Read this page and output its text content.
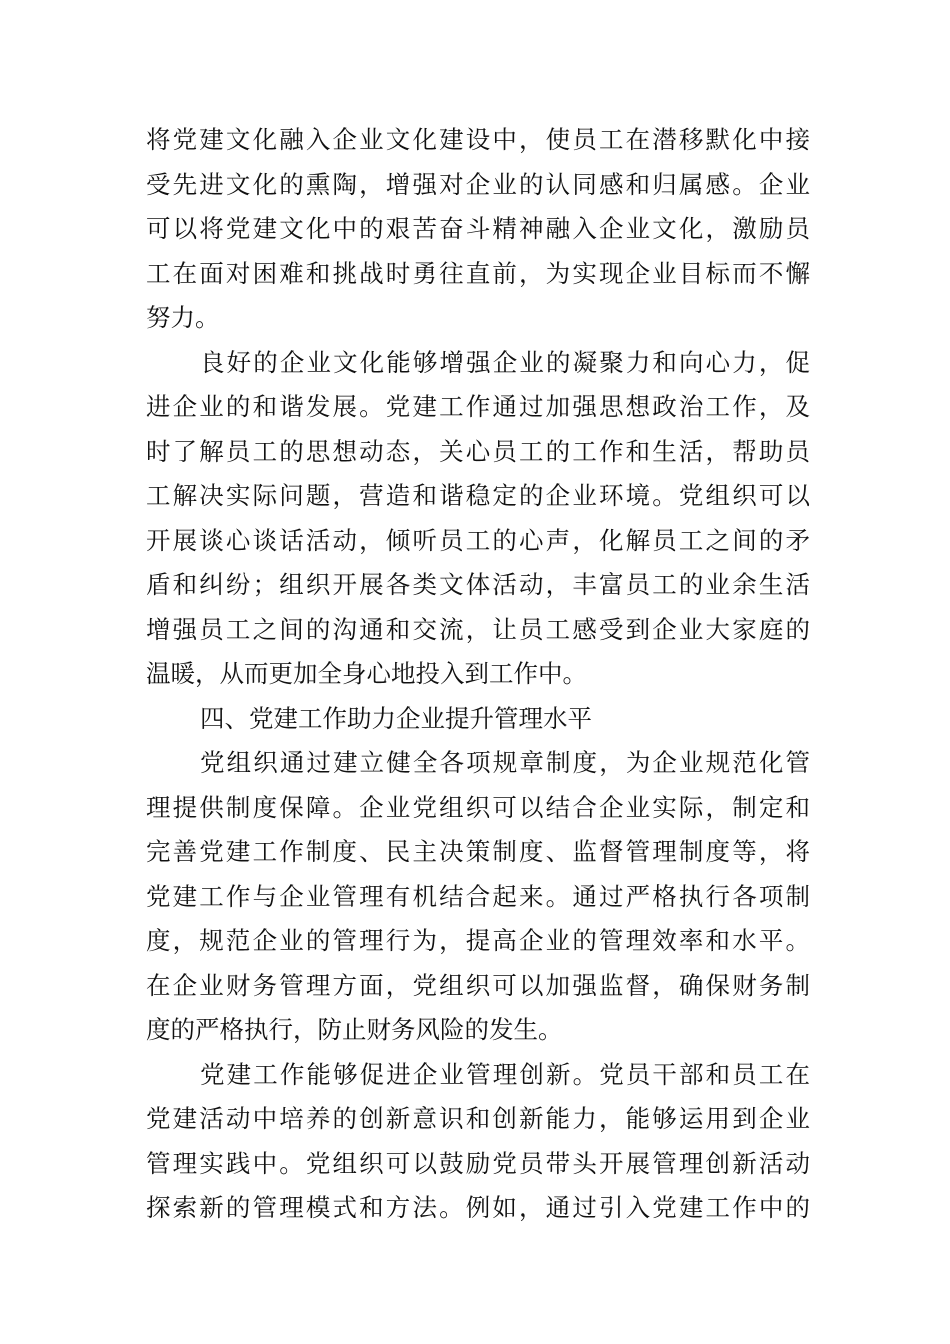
将党建文化融入企业文化建设中，使员工在潜移默化中接
受先进文化的熏陶，增强对企业的认同感和归属感。企业
可以将党建文化中的艰苦奋斗精神融入企业文化，激励员
工在面对困难和挑战时勇往直前，为实现企业目标而不懈
努力。
良好的企业文化能够增强企业的凝聚力和向心力，促
进企业的和谐发展。党建工作通过加强思想政治工作，及
时了解员工的思想动态，关心员工的工作和生活，帮助员
工解决实际问题，营造和谐稳定的企业环境。党组织可以
开展谈心谈话活动，倾听员工的心声，化解员工之间的矛
盾和纠纷；组织开展各类文体活动，丰富员工的业余生活
增强员工之间的沟通和交流，让员工感受到企业大家庭的
温暖，从而更加全身心地投入到工作中。
四、党建工作助力企业提升管理水平
党组织通过建立健全各项规章制度，为企业规范化管
理提供制度保障。企业党组织可以结合企业实际，制定和
完善党建工作制度、民主决策制度、监督管理制度等，将
党建工作与企业管理有机结合起来。通过严格执行各项制
度，规范企业的管理行为，提高企业的管理效率和水平。
在企业财务管理方面，党组织可以加强监督，确保财务制
度的严格执行，防止财务风险的发生。
党建工作能够促进企业管理创新。党员干部和员工在
党建活动中培养的创新意识和创新能力，能够运用到企业
管理实践中。党组织可以鼓励党员带头开展管理创新活动
探索新的管理模式和方法。例如，通过引入党建工作中的
